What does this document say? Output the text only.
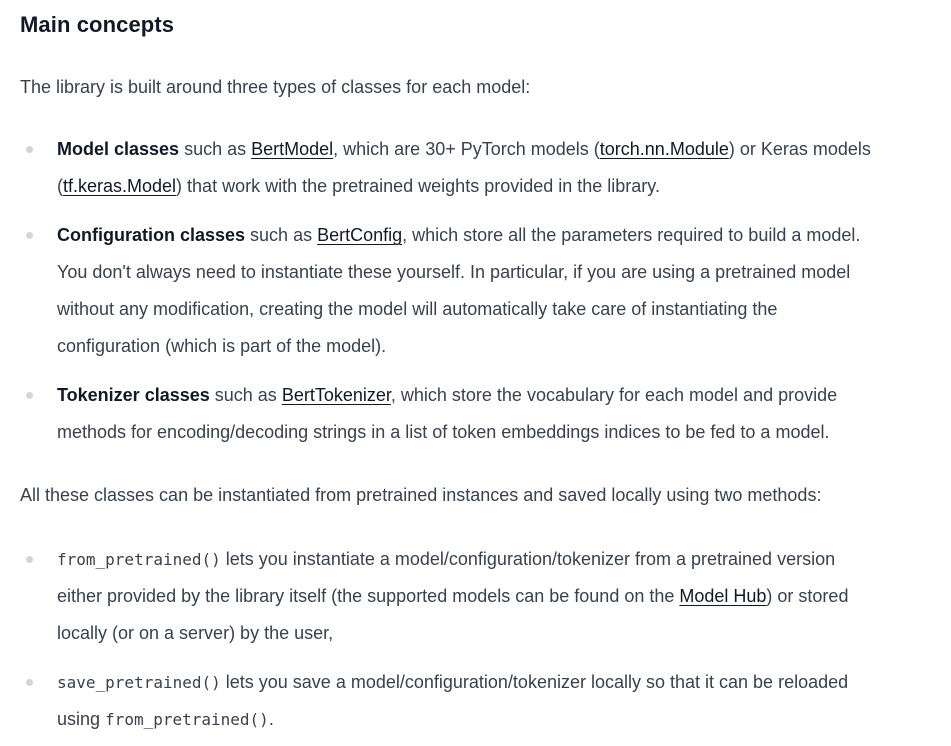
Main concepts

The library is built around three types of classes for each model:

Model classes such as BertModel, which are 30+ PyTorch models (torch.nn.Module) or Keras models
(tf.keras.Model) that work with the pretrained weights provided in the library.
Configuration classes such as BertConfig, which store all the parameters required to build a model.
You don't always need to instantiate these yourself. In particular, if you are using a pretrained model
without any modification, creating the model will automatically take care of instantiating the
configuration (which is part of the model).
Tokenizer classes such as BertTokenizer, which store the vocabulary for each model and provide
methods for encoding/decoding strings in a list of token embeddings indices to be fed to a model.

All these classes can be instantiated from pretrained instances and saved locally using two methods:

from_pretrained() lets you instantiate a model/configuration/tokenizer from a pretrained version
either provided by the library itself (the supported models can be found on the Model Hub) or stored
locally (or on a server) by the user,
save_pretrained() lets you save a model/configuration/tokenizer locally so that it can be reloaded
using from_pretrained().
